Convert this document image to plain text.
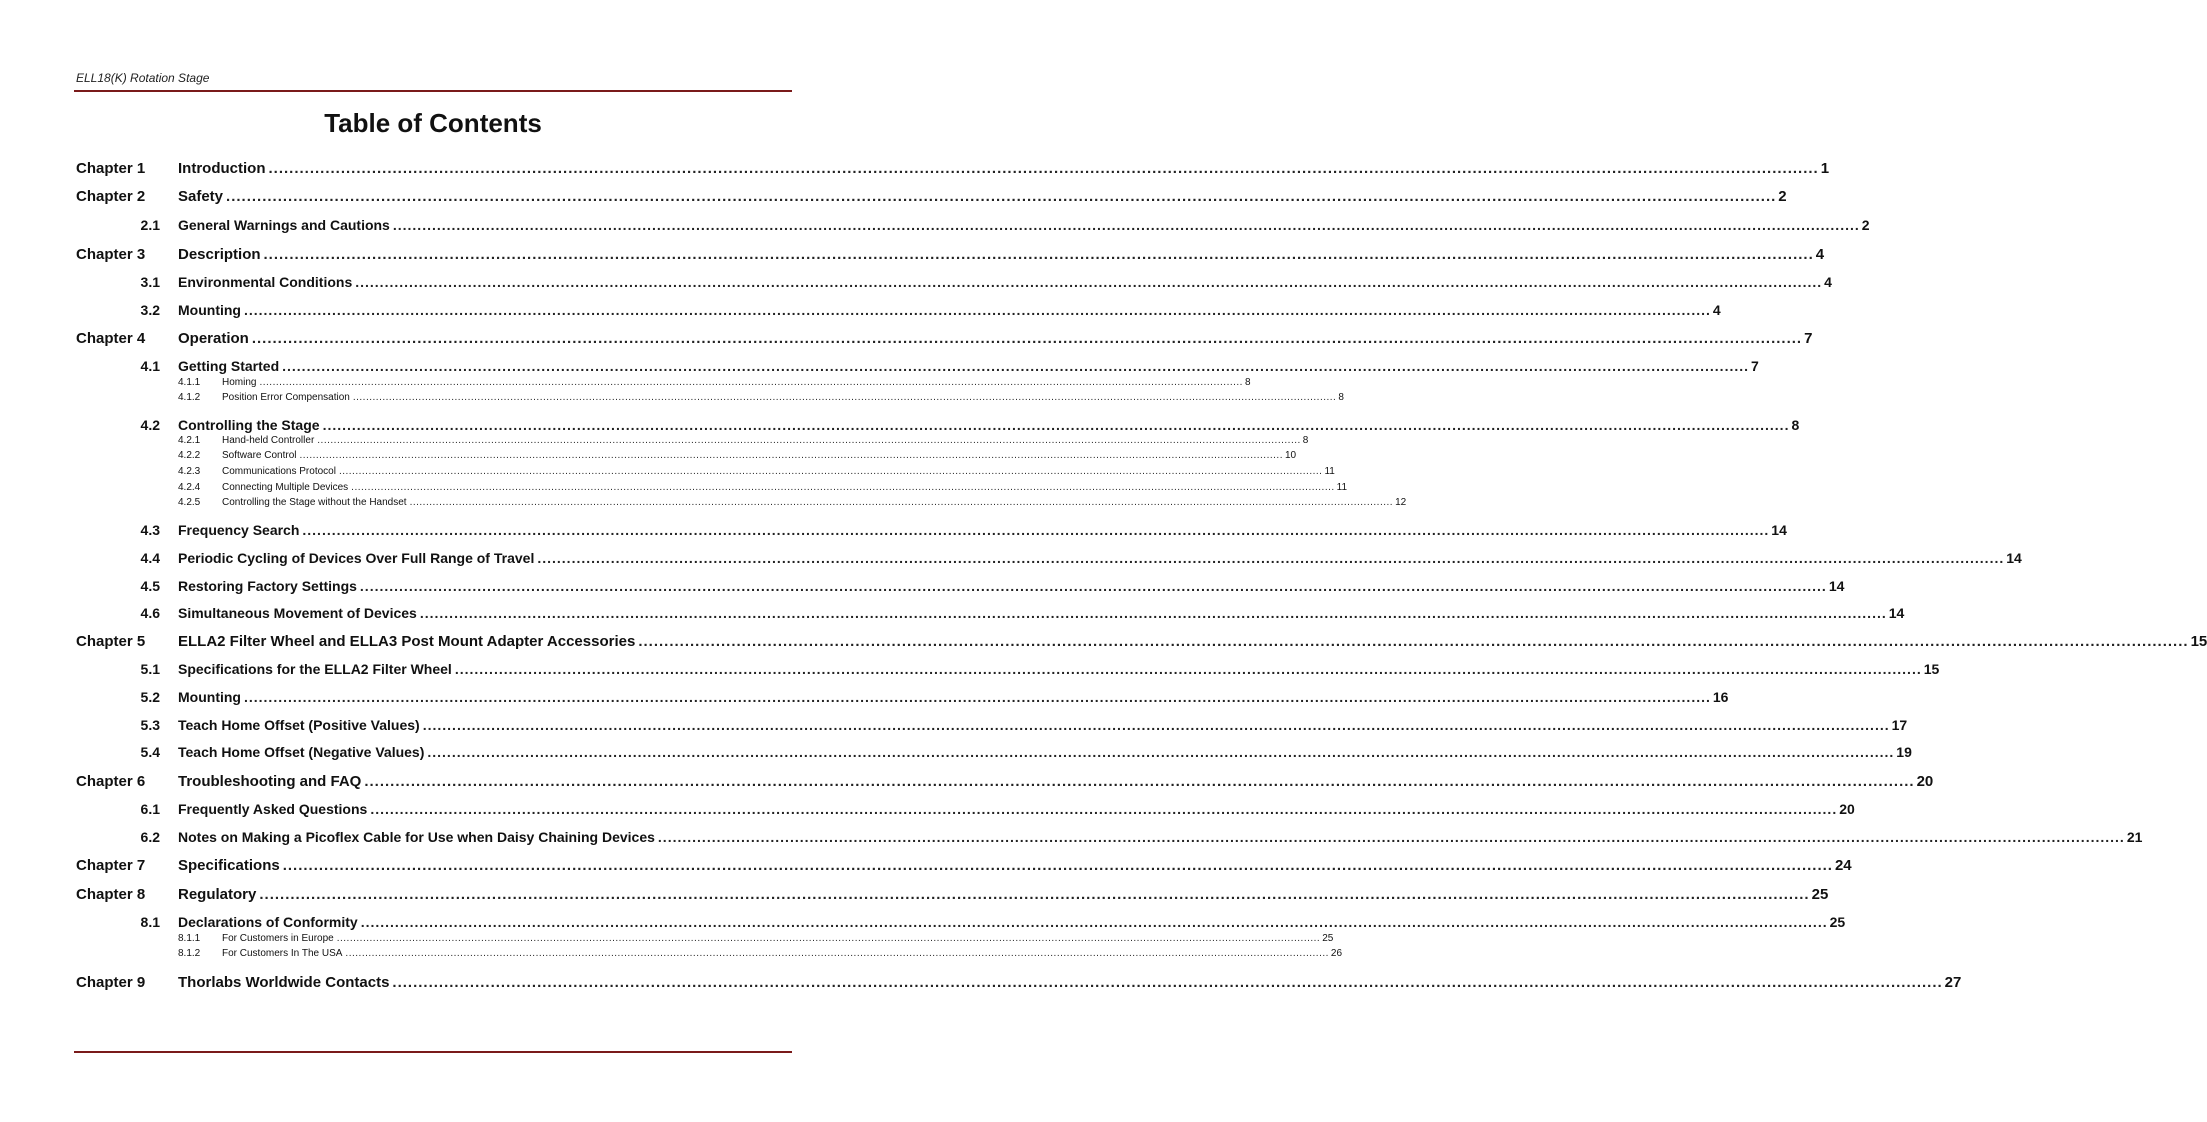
ELL18(K) Rotation Stage
Table of Contents
Chapter 1 Introduction ............................................................................................................................................................................................................................................................................................................ 1
Chapter 2 Safety ............................................................................................................................................................................................................................................................................................................ 2
2.1 General Warnings and Cautions ............................................................................................................................................................................................................................................................................................................ 2
Chapter 3 Description ............................................................................................................................................................................................................................................................................................................ 4
3.1 Environmental Conditions ............................................................................................................................................................................................................................................................................................................ 4
3.2 Mounting ............................................................................................................................................................................................................................................................................................................ 4
Chapter 4 Operation ............................................................................................................................................................................................................................................................................................................ 7
4.1 Getting Started ............................................................................................................................................................................................................................................................................................................ 7
4.1.1	Homing ............................................................................................................................................................................................................................................................................................................ 8
4.1.2	Position Error Compensation ............................................................................................................................................................................................................................................................................................................ 8
4.2 Controlling the Stage ............................................................................................................................................................................................................................................................................................................ 8
4.2.1	Hand-held Controller ............................................................................................................................................................................................................................................................................................................ 8
4.2.2	Software Control ............................................................................................................................................................................................................................................................................................................ 10
4.2.3	Communications Protocol ............................................................................................................................................................................................................................................................................................................ 11
4.2.4	Connecting Multiple Devices ............................................................................................................................................................................................................................................................................................................ 11
4.2.5	Controlling the Stage without the Handset ............................................................................................................................................................................................................................................................................................................ 12
4.3 Frequency Search ............................................................................................................................................................................................................................................................................................................ 14
4.4 Periodic Cycling of Devices Over Full Range of Travel ............................................................................................................................................................................................................................................................................................................ 14
4.5 Restoring Factory Settings ............................................................................................................................................................................................................................................................................................................ 14
4.6 Simultaneous Movement of Devices ............................................................................................................................................................................................................................................................................................................ 14
Chapter 5 ELLA2 Filter Wheel and ELLA3 Post Mount Adapter Accessories ............................................................................................................................................................................................................................................................................................................ 15
5.1 Specifications for the ELLA2 Filter Wheel ............................................................................................................................................................................................................................................................................................................ 15
5.2 Mounting ............................................................................................................................................................................................................................................................................................................ 16
5.3 Teach Home Offset (Positive Values) ............................................................................................................................................................................................................................................................................................................ 17
5.4 Teach Home Offset (Negative Values) ............................................................................................................................................................................................................................................................................................................ 19
Chapter 6 Troubleshooting and FAQ ............................................................................................................................................................................................................................................................................................................ 20
6.1 Frequently Asked Questions ............................................................................................................................................................................................................................................................................................................ 20
6.2 Notes on Making a Picoflex Cable for Use when Daisy Chaining Devices ............................................................................................................................................................................................................................................................................................................ 21
Chapter 7 Specifications ............................................................................................................................................................................................................................................................................................................ 24
Chapter 8 Regulatory ............................................................................................................................................................................................................................................................................................................ 25
8.1 Declarations of Conformity ............................................................................................................................................................................................................................................................................................................ 25
8.1.1	For Customers in Europe ............................................................................................................................................................................................................................................................................................................ 25
8.1.2	For Customers In The USA ............................................................................................................................................................................................................................................................................................................ 26
Chapter 9 Thorlabs Worldwide Contacts ............................................................................................................................................................................................................................................................................................................ 27
